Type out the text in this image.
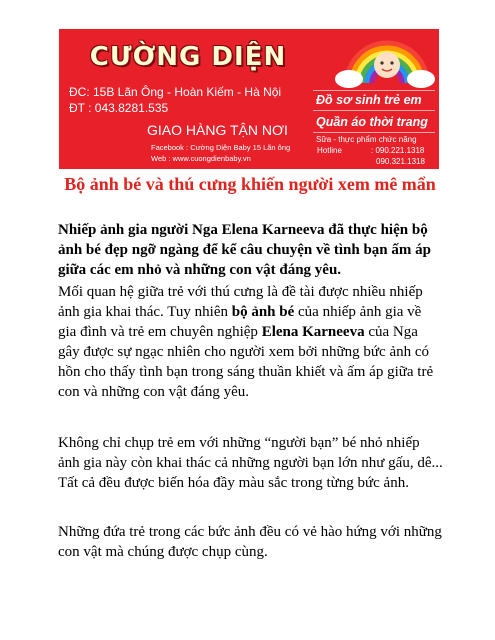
CƯỜNG DIỆN
ĐC: 15B Lãn Ông - Hoàn Kiếm - Hà Nội
ĐT : 043.8281.535
GIAO HÀNG TẬN NƠI
Facebook : Cường Diện Baby 15 Lãn ông
Web : www.cuongdienbaby.vn
Đồ sơ sinh trẻ em
Quần áo thời trang
Sữa - thực phẩm chức năng
Hotline	: 090.221.1318
090.321.1318
Bộ ảnh bé và thú cưng khiến người xem mê mẩn
Nhiếp ảnh gia người Nga Elena Karneeva đã thực hiện bộ ảnh bé đẹp ngỡ ngàng để kể câu chuyện về tình bạn ấm áp giữa các em nhỏ và những con vật đáng yêu.
Mối quan hệ giữa trẻ với thú cưng là đề tài được nhiều nhiếp ảnh gia khai thác. Tuy nhiên bộ ảnh bé của nhiếp ảnh gia về gia đình và trẻ em chuyên nghiệp Elena Karneeva của Nga gây được sự ngạc nhiên cho người xem bởi những bức ảnh có hồn cho thấy tình bạn trong sáng thuần khiết và ấm áp giữa trẻ con và những con vật đáng yêu.
Không chỉ chụp trẻ em với những “người bạn” bé nhỏ nhiếp ảnh gia này còn khai thác cả những người bạn lớn như gấu, dê... Tất cả đều được biến hóa đầy màu sắc trong từng bức ảnh.
Những đứa trẻ trong các bức ảnh đều có vẻ hào hứng với những con vật mà chúng được chụp cùng.
